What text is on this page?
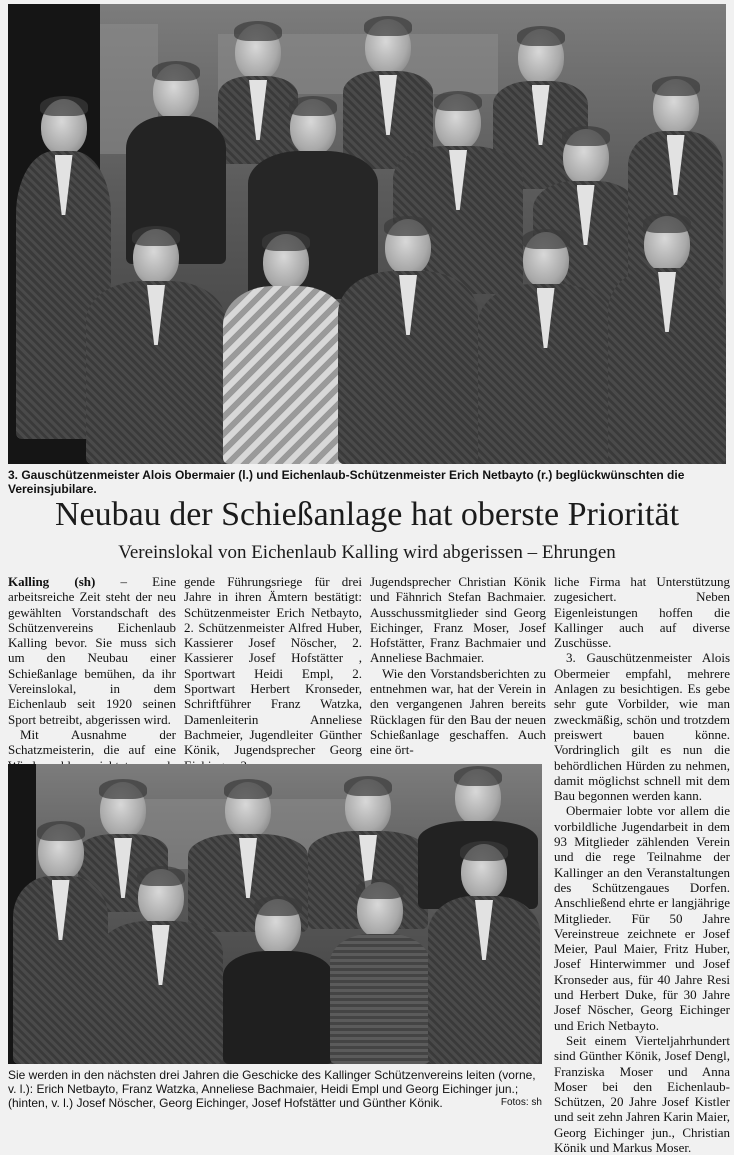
3. Gauschützenmeister Alois Obermaier (l.) und Eichenlaub-Schützenmeister Erich Netbayto (r.) beglückwünschten die Vereinsjubilare.
Neubau der Schießanlage hat oberste Priorität
Vereinslokal von Eichenlaub Kalling wird abgerissen – Ehrungen

Kalling (sh) – Eine arbeitsreiche Zeit steht der neu gewählten Vorstandschaft des Schützenvereins Eichenlaub Kalling bevor. Sie muss sich um den Neubau einer Schießanlage bemühen, da ihr Vereinslokal, in dem Eichenlaub seit 1920 seinen Sport betreibt, abgerissen wird.

Mit Ausnahme der Schatzmeisterin, die auf eine

gende Führungsriege für drei Jahre in ihren Ämtern bestätigt: Schützenmeister Erich Netbayto, 2. Schützenmeister Alfred Huber, Kassierer Josef Nöscher, 2. Kassierer Josef Hofstätter , Sportwart Heidi Empl, 2. Sportwart Herbert Kronseder, Schriftführer Franz Watzka, Damenleiterin Anneliese Bachmeier, Jugendleiter Günther Könik, Jugendsprecher Georg

Jugendsprecher Christian Könik und Fähnrich Stefan Bachmaier. Ausschussmitglieder sind Georg Eichinger, Franz Moser, Josef Hofstätter, Franz Bachmaier und Anneliese Bachmaier.

Wie den Vorstandsberichten zu entnehmen war, hat der Verein in den vergangenen Jahren bereits Rücklagen für den Bau der neuen Schießanlage geschaffen. Auch eine ört-

liche Firma hat Unterstützung zugesichert. Neben Eigenleistungen hoffen die Kallinger auch auf diverse Zuschüsse.

3. Gauschützenmeister Alois Obermeier empfahl, mehrere Anlagen zu besichtigen. Es gebe sehr gute Vorbilder, wie man zweckmäßig, schön und trotzdem preiswert bauen könne. Vordringlich gilt es nun die behördlichen Hürden zu nehmen, damit möglichst schnell mit dem Bau begonnen werden kann.

Obermaier lobte vor allem die vorbildliche Jugendarbeit in dem 93 Mitglieder zählenden Verein und die rege Teilnahme der Kallinger an den Veranstaltungen des Schützengaues Dorfen. Anschließend ehrte er langjährige Mitglieder. Für 50 Jahre Vereinstreue zeichnete er Josef Meier, Paul Maier, Fritz Huber, Josef Hinterwimmer und Josef Kronseder aus, für 40 Jahre Resi und Herbert Duke, für 30 Jahre Josef Nöscher, Georg Eichinger und Erich Netbayto.

Seit einem Vierteljahrhundert sind Günther Könik, Josef Dengl, Franziska Moser und Anna Moser bei den Eichenlaub-Schützen, 20 Jahre Josef Kistler und seit zehn Jahren Karin Maier, Georg Eichinger jun., Christian Könik und Markus Moser.

Sie werden in den nächsten drei Jahren die Geschicke des Kallinger Schützenvereins leiten (vorne, v. l.): Erich Netbayto, Franz Watzka, Anneliese Bachmaier, Heidi Empl und Georg Eichinger jun.; (hinten, v. l.) Josef Nöscher, Georg Eichinger, Josef Hofstätter und Günther Könik.	Fotos: sh
